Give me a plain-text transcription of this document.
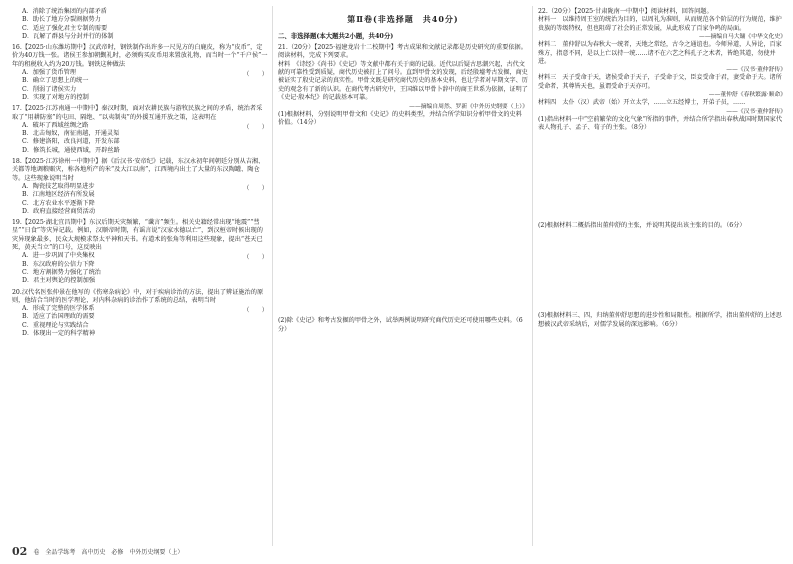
A．消除了统治集团的内部矛盾
B．助长了地方分裂割据势力
C．适应了强化君主专制的需要
D．瓦解了群县与分封并行的体制
16.【2025·山东潍坊期中】汉武帝时，钢铁制作出许多一尺见方的白鹿皮，称为“皮币”，定价为40万钱一张。诸侯王参加朝觐礼时，必须购买皮币用来置放礼物，而当时一个“千户侯”一年的租税收入约为20万钱。钢铁这种做法
（　　）
A．加强了货币管理
B．确立了思想上的统一
C．削弱了诸侯实力
D．实现了对地方的控制
17.【2025·江苏南通一中期中】秦汉时期，面对农耕民族与游牧民族之间的矛盾，统治者采取了“用耕防塞”的屯田、隔绝、“以夷制夷”的外援互通开放之策，这表明在
（　　）
A．破坏了西域丝绸之路
B．北击匈奴，南征南越，开通灵渠
C．修建洛阳，改良河道，开发东部
D．修筑长城，通使西域，开辟丝路
18.【2025·江苏徐州一中期中】据《后汉书·安帝纪》记载，东汉永初年间朝廷分别从吉湘、关都等地调粮赈灾，称各地所产的米“及大江以南”，江西境内出土了大量的东汉陶罐、陶仓等。这些现象说明当时
（　　）
A．陶瓷技艺取得明显进步
B．江南地区经济有所发展
C．北方农业水平逐渐下降
D．政府直接经营商贸活动
19.【2025·湖北宜昌期中】东汉后期天灾频繁，“谶言”频生。相关史籍经常出现“地震”“彗星”“日食”等灾异记载。例如，汉顺帝时期，有谣言说“汉家水德以亡”，到汉桓帝时候出现的灾异现象最多，民众大规模求祭太平神和天书。有道术的张角等利用这些现象，提出“苍天已死，黄天当立”的口号，这反映出
（　　）
A．进一步巩固了中央集权
B．东汉政府的公信力下降
C．地方割据势力强化了统治
D．君主对舆论的控制加强
20.汉代名医张仲景在他写的《伤寒杂病论》中，对于疾病诊治的方法，提出了辨证施治的原则，他结合当时的医学理论，对内科杂病的诊治作了系统的总结，表明当时
（　　）
A．形成了完整的医学体系
B．适应了治国理政的需要
C．重视理论与实践结合
D．体现出一定的科学精神
第Ⅱ卷(非选择题　共40分)
二、非选择题(本大题共2小题，共40分)
21.（20分）【2025·福建龙岩十二校期中】考古成果和文献记录都是历史研究的重要依据。阅读材料，完成下列要求。
材料　《诗经》《尚书》《史记》等文献中都有关于商的记载。近代以后疑古思潮兴起，古代文献的可靠性受到质疑，商代历史被打上了问号。直到甲骨文的发现，后经殷墟考古发掘，商史被证实了殷史记录的真实性。甲骨文既是研究商代历史的基本史料，也让学者对早期文字、历史的观念有了新的认识。在商代考古研究中，王国维以甲骨卜辞中的商王世系为依据，证明了《史记·殷本纪》的记载基本可靠。
——摘编自周然、罗新《中外历史纲要（上）》
(1)根据材料，分别说明甲骨文和《史记》的史料类型，并结合所学知识分析甲骨文的史料价值。（14分）
(2)除《史记》和考古发掘的甲骨之外，试举两例说明研究商代历史还可使用哪些史料。（6分）
22.（20分）【2025·甘肃陇南一中期中】阅读材料，回答问题。
材料一　以维持周王室的统治为目的，以周礼为准则，从而规范各个阶层的行为规范，维护贵族的等级特权，但也阻碍了社会的正常发展，从此形成了百家争鸣的局面。
——摘编自马大镛《中华文化史》
材料二　董仲舒以为春秋大一统者，天地之常经，古今之通谊也。今师异道，人异论，百家殊方，指意不同，是以上亡以持一统……诸不在六艺之科孔子之术者，皆绝其道，勿使并进。
——《汉书·董仲舒传》
材料三　天子受命于天，诸侯受命于天子，子受命于父，臣妾受命于君，妻受命于夫。诸所受命者，其尊皆天也，虽谓受命于天亦可。
——董仲舒《春秋繁露·顺命》
材料四　太仆（汉）武帝（始）开立太学，……立五经博士，开弟子员，……
——《汉书·董仲舒传》
(1)指出材料一中“空前繁荣的文化气象”所指的事件，并结合所学指出春秋战国时期国家代表人物孔子、孟子、荀子的主张。（8分）
(2)根据材料二概括指出董仲舒的主张，并说明其提出该主张的目的。（6分）
(3)根据材料三、四，归纳董仲舒思想的进步性和局限性。根据所学，指出董仲舒的上述思想被汉武帝采纳后，对儒学发展的深远影响。（6分）
02 卷　全品学练考　高中历史　必修　中外历史纲要（上）
